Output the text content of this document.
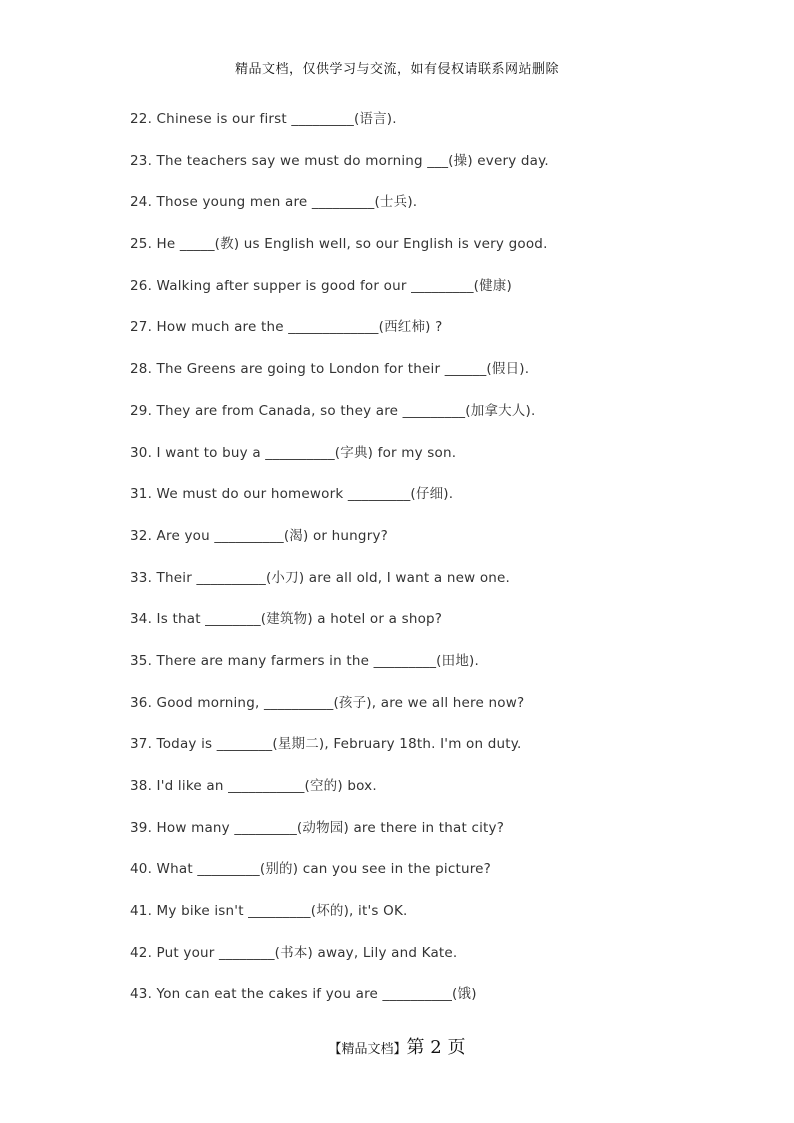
精品文档，仅供学习与交流，如有侵权请联系网站删除
22. Chinese is our first _________(语言).
23. The teachers say we must do morning ___(操) every day.
24. Those young men are _________(士兵).
25. He _____(教) us English well, so our English is very good.
26. Walking after supper is good for our _________(健康)
27. How much are the _____________(西红柿) ?
28. The Greens are going to London for their ______(假日).
29. They are from Canada, so they are _________(加拿大人).
30. I want to buy a __________(字典) for my son.
31. We must do our homework _________(仔细).
32. Are you __________(渴) or hungry?
33. Their __________(小刀) are all old, I want a new one.
34. Is that ________(建筑物) a hotel or a shop?
35. There are many farmers in the _________(田地).
36. Good morning, __________(孩子), are we all here now?
37. Today is ________(星期二), February 18th. I'm on duty.
38. I'd like an ___________(空的) box.
39. How many _________(动物园) are there in that city?
40. What _________(别的) can you see in the picture?
41. My bike isn't _________(坏的), it's OK.
42. Put your ________(书本) away, Lily and Kate.
43. Yon can eat the cakes if you are __________(饿)
【精品文档】第 2 页
